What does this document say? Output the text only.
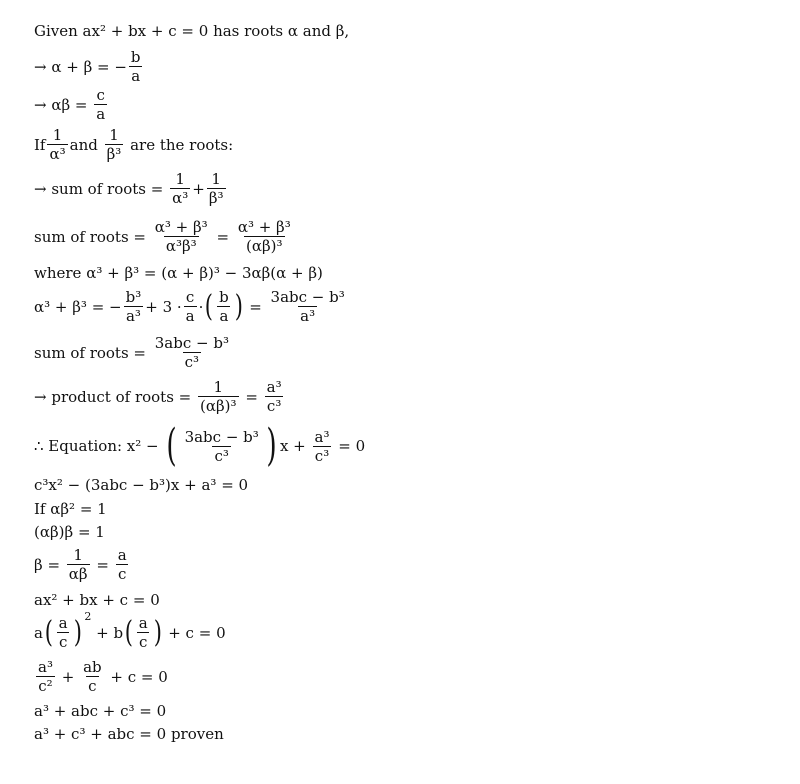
Given ax² + bx + c = 0 has roots α and β,
→ α + β = − $\frac{b}{a}$
→ $\alpha\beta = \frac{c}{a}$
If $\frac{1}{\text{α³}}$ and $\frac{1}{\text{β³}}$ are the roots:
→ sum of roots = $\frac{1}{\text{α³}} + \frac{1}{\text{β³}}$
sum of roots = $\frac{\text{α³ + β³}}{\text{α³β³}} = \frac{\text{α³ + β³}}{\text{(αβ)³}}$
where α³ + β³ = (α + β)³ − 3αβ(α + β)
α³ + β³ = − $\frac{\text{b³}}{\text{a³}} + 3 \cdot \frac{c}{a}$ · ( $\frac{b}{a}$ ) = $\frac{\text{3abc − b³}}{\text{a³}}$
sum of roots = $\frac{\text{3abc − b³}}{\text{c³}}$
→ product of roots = $\frac{1}{\text{(αβ)³}} = \frac{\text{a³}}{\text{c³}}$
∴ Equation: x² − ( $\frac{\text{3abc − b³}}{\text{c³}}$ ) $x + \frac{\text{a³}}{\text{c³}} = 0$
c³x² − (3abc − b³)x + a³ = 0
If αβ² = 1
(αβ)β = 1
$\beta = \frac{1}{\alpha\beta} = \frac{a}{c}$
ax² + bx + c = 0
a ( $\frac{a}{c}$ ) 2
+ b ( $\frac{a}{c}$ ) + c = 0
$\frac{\text{a³}}{\text{c²}} + \frac{ab}{c} + c = 0$
a³ + abc + c³ = 0
a³ + c³ + abc = 0 proven
